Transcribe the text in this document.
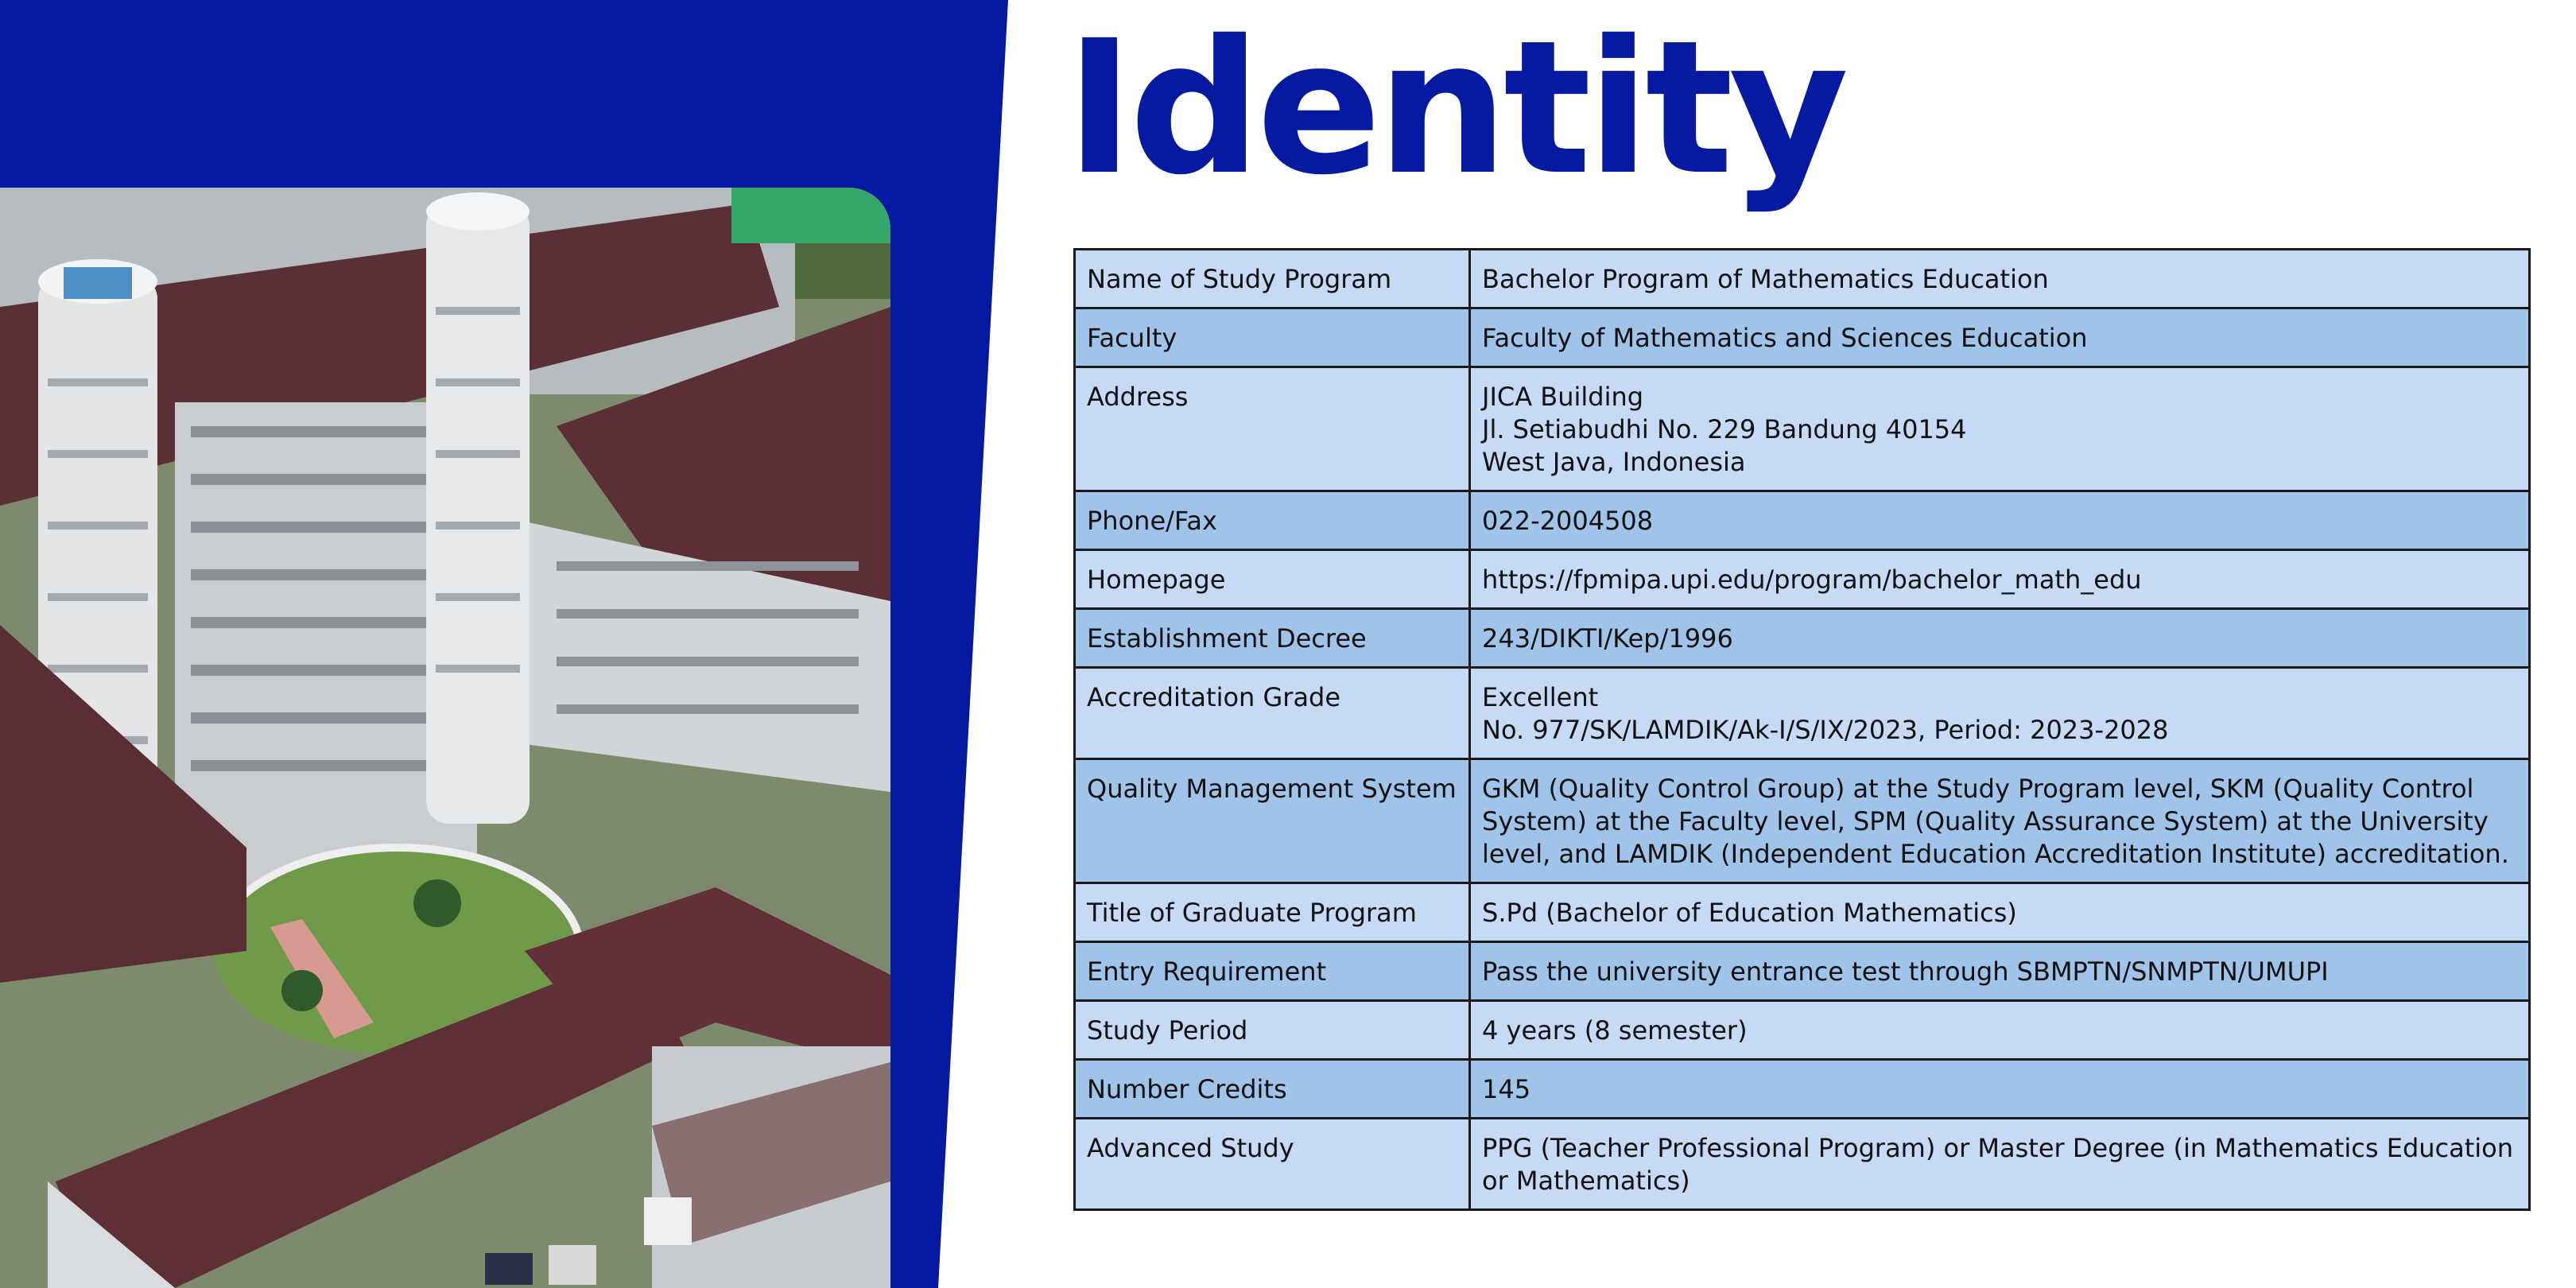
Identity
Name of Study Program	Bachelor Program of Mathematics Education

Faculty	Faculty of Mathematics and Sciences Education

Address	JICA Building
Jl. Setiabudhi No. 229 Bandung 40154
West Java, Indonesia

Phone/Fax	022-2004508

Homepage	https://fpmipa.upi.edu/program/bachelor_math_edu

Establishment Decree	243/DIKTI/Kep/1996

Accreditation Grade	Excellent
No. 977/SK/LAMDIK/Ak-I/S/IX/2023, Period: 2023-2028

Quality Management System	GKM (Quality Control Group) at the Study Program level, SKM (Quality Control System) at the Faculty level, SPM (Quality Assurance System) at the University level, and LAMDIK (Independent Education Accreditation Institute) accreditation.

Title of Graduate Program	S.Pd (Bachelor of Education Mathematics)

Entry Requirement	Pass the university entrance test through SBMPTN/SNMPTN/UMUPI

Study Period	4 years (8 semester)

Number Credits	145

Advanced Study	PPG (Teacher Professional Program) or Master Degree (in Mathematics Education or Mathematics)
